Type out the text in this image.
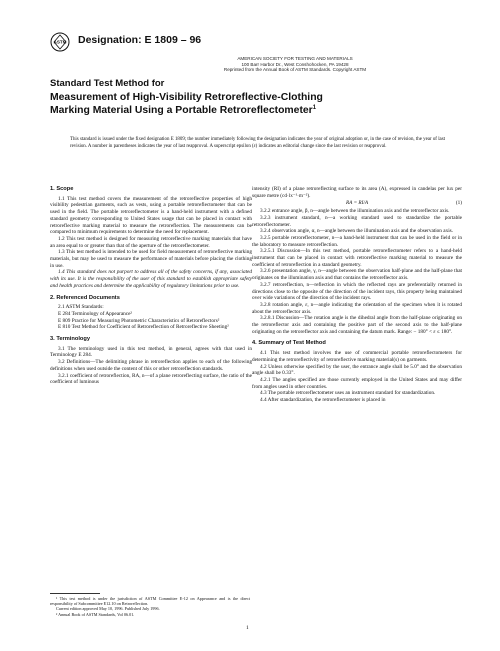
ASTM Designation: E 1809 – 96
AMERICAN SOCIETY FOR TESTING AND MATERIALS
100 Barr Harbor Dr., West Conshohocken, PA 19428
Reprinted from the Annual Book of ASTM Standards. Copyright ASTM
Standard Test Method for
Measurement of High-Visibility Retroreflective-Clothing
Marking Material Using a Portable Retroreflectometer$^1$
This standard is issued under the fixed designation E 1809; the number immediately following the designation indicates the year of original adoption or, in the case of revision, the year of last revision. A number in parentheses indicates the year of last reapproval. A superscript epsilon (ε) indicates an editorial change since the last revision or reapproval.
1. Scope

1.1 This test method covers the measurement of the retroreflective properties of high visibility pedestrian garments, such as vests, using a portable retroreflectometer that can be used in the field. The portable retroreflectometer is a hand-held instrument with a defined standard geometry corresponding to United States usage that can be placed in contact with retroreflective marking material to measure the retroreflection. The measurements can be compared to minimum requirements to determine the need for replacement.

1.2 This test method is designed for measuring retroreflective marking materials that have an area equal to or greater than that of the aperture of the retroreflectometer.

1.3 This test method is intended to be used for field measurement of retroreflective marking materials, but may be used to measure the performance of materials before placing the clothing in use.

1.4 This standard does not purport to address all of the safety concerns, if any, associated with its use. It is the responsibility of the user of this standard to establish appropriate safety and health practices and determine the applicability of regulatory limitations prior to use.

2. Referenced Documents

2.1 ASTM Standards:

E 284 Terminology of Appearance²

E 809 Practice for Measuring Photometric Characteristics of Retroreflectors²

E 810 Test Method for Coefficient of Retroreflection of Retroreflective Sheeting²

3. Terminology

3.1 The terminology used in this test method, in general, agrees with that used in Terminology E 284.

3.2 Definitions—The delimiting phrase in retroreflection applies to each of the following definitions when used outside the content of this or other retroreflection standards.

3.2.1 coefficient of retroreflection, RA, n—of a plane retroreflecting surface, the ratio of the coefficient of luminous

intensity (RI) of a plane retroreflecting surface to its area (A), expressed in candelas per lux per square metre (cd·lx⁻¹·m⁻²).

RA = RI/A	(1)

3.2.2 entrance angle, β, n—angle between the illumination axis and the retroreflector axis.

3.2.3 instrument standard, n—a working standard used to standardize the portable retroreflectometer.

3.2.4 observation angle, α, n—angle between the illumination axis and the observation axis.

3.2.5 portable retroreflectometer, n—a hand-held instrument that can be used in the field or in the laboratory to measure retroreflection.

3.2.5.1 Discussion—In this test method, portable retroreflectometer refers to a hand-held instrument that can be placed in contact with retroreflective marking material to measure the coefficient of retroreflection in a standard geometry.

3.2.6 presentation angle, γ, n—angle between the observation half-plane and the half-plane that originates on the illumination axis and that contains the retroreflector axis.

3.2.7 retroreflection, n—reflection in which the reflected rays are preferentially returned in directions close to the opposite of the direction of the incident rays, this property being maintained over wide variations of the direction of the incident rays.

3.2.8 rotation angle, ε, n—angle indicating the orientation of the specimen when it is rotated about the retroreflector axis.

3.2.8.1 Discussion—The rotation angle is the dihedral angle from the half-plane originating on the retroreflector axis and containing the positive part of the second axis to the half-plane originating on the retroreflector axis and containing the datum mark. Range: − 180° < ε ≤ 180°.

4. Summary of Test Method

4.1 This test method involves the use of commercial portable retroreflectometers for determining the retroreflectivity of retroreflective marking material(s) on garments.

4.2 Unless otherwise specified by the user, the entrance angle shall be 5.0° and the observation angle shall be 0.33°.

4.2.1 The angles specified are those currently employed in the United States and may differ from angles used in other countries.

4.3 The portable retroreflectometer uses an instrument standard for standardization.

4.4 After standardization, the retroreflectometer is placed in

¹ This test method is under the jurisdiction of ASTM Committee E-12 on Appearance and is the direct responsibility of Subcommittee E12.10 on Retroreflection.

Current edition approved May 10, 1996. Published July 1996.

² Annual Book of ASTM Standards, Vol 06.01.

1
